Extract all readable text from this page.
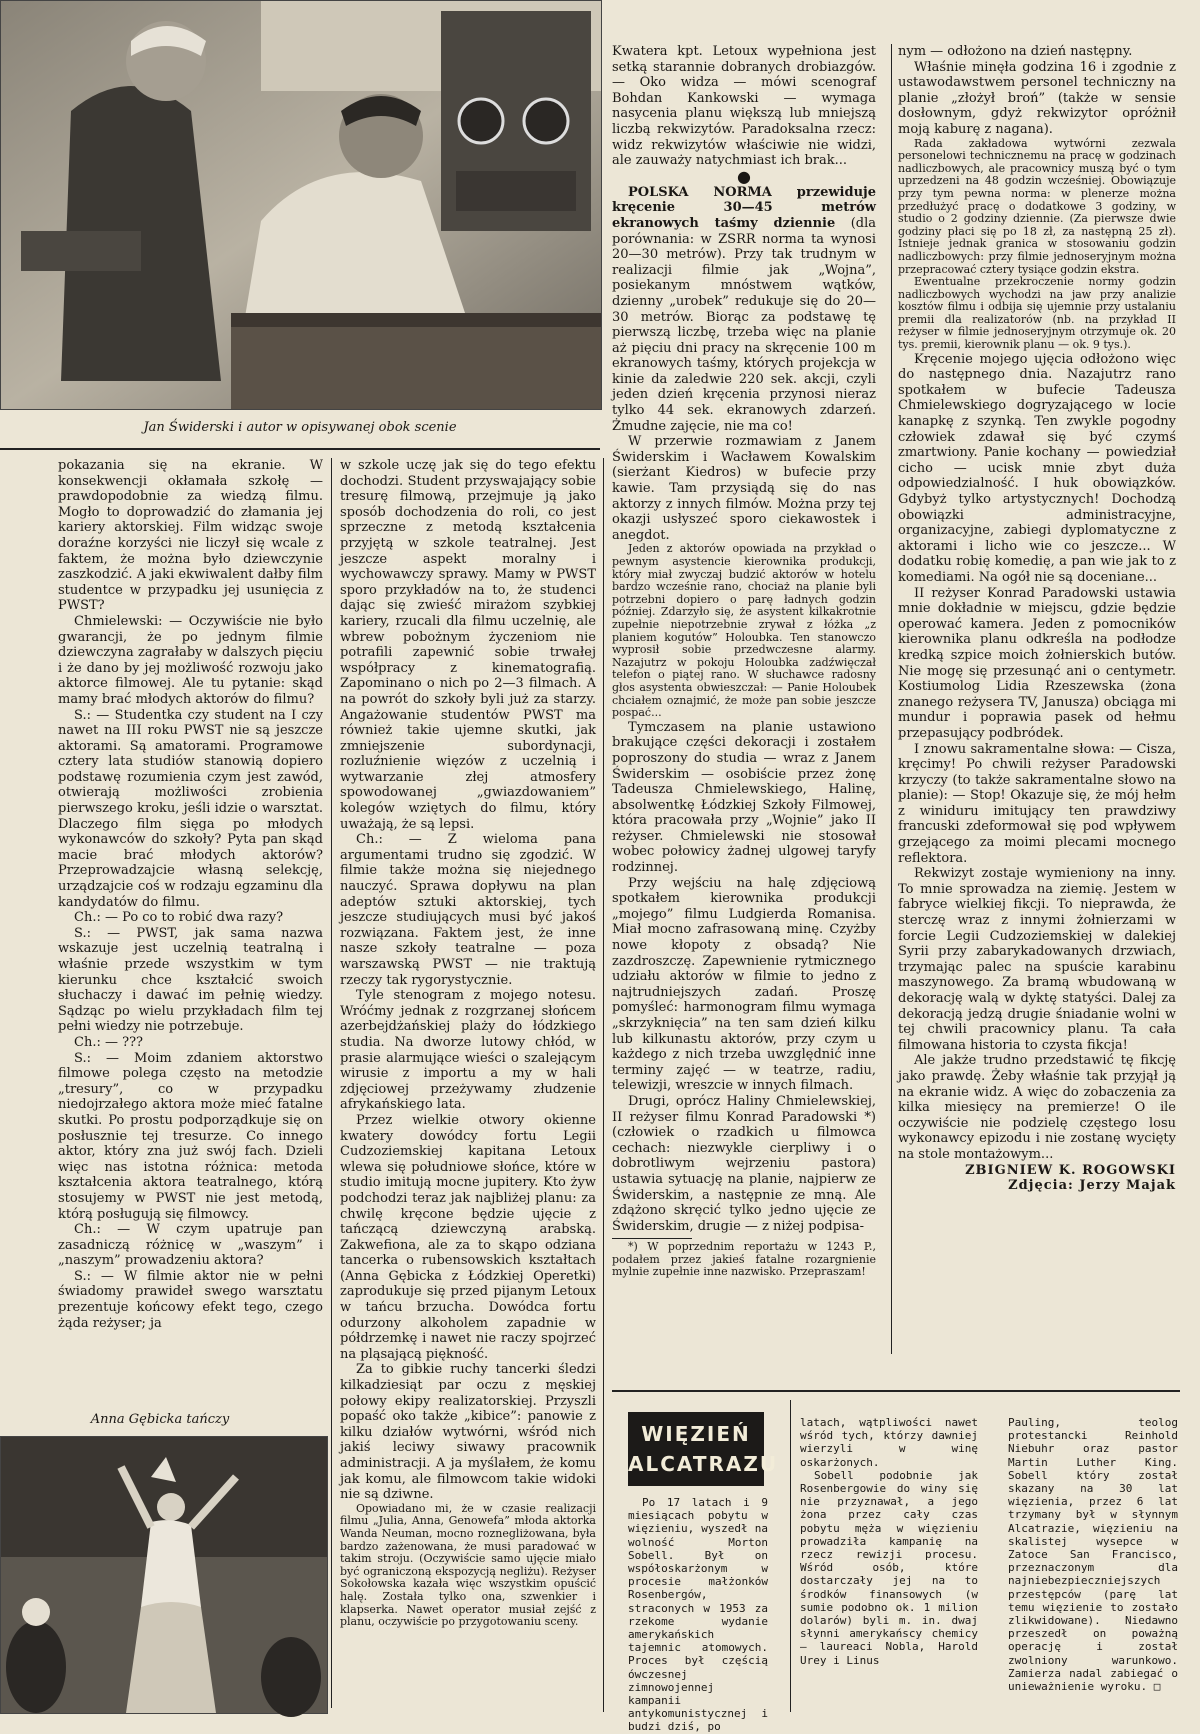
Jan Świderski i autor w opisywanej obok scenie

pokazania się na ekranie. W konsekwencji okłamała szkołę — prawdopodobnie za wiedzą filmu. Mogło to doprowadzić do złamania jej kariery aktorskiej. Film widząc swoje doraźne korzyści nie liczył się wcale z faktem, że można było dziewczynie zaszkodzić. A jaki ekwiwalent dałby film studentce w przypadku jej usunięcia z PWST?

Chmielewski: — Oczywiście nie było gwarancji, że po jednym filmie dziewczyna zagrałaby w dalszych pięciu i że dano by jej możliwość rozwoju jako aktorce filmowej. Ale tu pytanie: skąd mamy brać młodych aktorów do filmu?

S.: — Studentka czy student na I czy nawet na III roku PWST nie są jeszcze aktorami. Są amatorami. Programowe cztery lata studiów stanowią dopiero podstawę rozumienia czym jest zawód, otwierają możliwości zrobienia pierwszego kroku, jeśli idzie o warsztat. Dlaczego film sięga po młodych wykonawców do szkoły? Pyta pan skąd macie brać młodych aktorów? Przeprowadzajcie własną selekcję, urządzajcie coś w rodzaju egzaminu dla kandydatów do filmu.

Ch.: — Po co to robić dwa razy?

S.: — PWST, jak sama nazwa wskazuje jest uczelnią teatralną i właśnie przede wszystkim w tym kierunku chce kształcić swoich słuchaczy i dawać im pełnię wiedzy. Sądząc po wielu przykładach film tej pełni wiedzy nie potrzebuje.

Ch.: — ???

S.: — Moim zdaniem aktorstwo filmowe polega często na metodzie „tresury”, co w przypadku niedojrzałego aktora może mieć fatalne skutki. Po prostu podporządkuje się on posłusznie tej tresurze. Co innego aktor, który zna już swój fach. Dzieli więc nas istotna różnica: metoda kształcenia aktora teatralnego, którą stosujemy w PWST nie jest metodą, którą posługują się filmowcy.

Ch.: — W czym upatruje pan zasadniczą różnicę w „waszym” i „naszym” prowadzeniu aktora?

S.: — W filmie aktor nie w pełni świadomy prawideł swego warsztatu prezentuje końcowy efekt tego, czego żąda reżyser; ja

Anna Gębicka tańczy

w szkole uczę jak się do tego efektu dochodzi. Student przyswajający sobie tresurę filmową, przejmuje ją jako sposób dochodzenia do roli, co jest sprzeczne z metodą kształcenia przyjętą w szkole teatralnej. Jest jeszcze aspekt moralny i wychowawczy sprawy. Mamy w PWST sporo przykładów na to, że studenci dając się zwieść mirażom szybkiej kariery, rzucali dla filmu uczelnię, ale wbrew pobożnym życzeniom nie potrafili zapewnić sobie trwałej współpracy z kinematografią. Zapominano o nich po 2—3 filmach. A na powrót do szkoły byli już za starzy. Angażowanie studentów PWST ma również takie ujemne skutki, jak zmniejszenie subordynacji, rozluźnienie więzów z uczelnią i wytwarzanie złej atmosfery spowodowanej „gwiazdowaniem” kolegów wziętych do filmu, który uważają, że są lepsi.

Ch.: — Z wieloma pana argumentami trudno się zgodzić. W filmie także można się niejednego nauczyć. Sprawa dopływu na plan adeptów sztuki aktorskiej, tych jeszcze studiujących musi być jakoś rozwiązana. Faktem jest, że inne nasze szkoły teatralne — poza warszawską PWST — nie traktują rzeczy tak rygorystycznie.

Tyle stenogram z mojego notesu. Wróćmy jednak z rozgrzanej słońcem azerbejdżańskiej plaży do łódzkiego studia. Na dworze lutowy chłód, w prasie alarmujące wieści o szalejącym wirusie z importu a my w hali zdjęciowej przeżywamy złudzenie afrykańskiego lata.

Przez wielkie otwory okienne kwatery dowódcy fortu Legii Cudzoziemskiej kapitana Letoux wlewa się południowe słońce, które w studio imitują mocne jupitery. Kto żyw podchodzi teraz jak najbliżej planu: za chwilę kręcone będzie ujęcie z tańczącą dziewczyną arabską. Zakwefiona, ale za to skąpo odziana tancerka o rubensowskich kształtach (Anna Gębicka z Łódzkiej Operetki) zaprodukuje się przed pijanym Letoux w tańcu brzucha. Dowódca fortu odurzony alkoholem zapadnie w półdrzemkę i nawet nie raczy spojrzeć na pląsającą piękność.

Za to gibkie ruchy tancerki śledzi kilkadziesiąt par oczu z męskiej połowy ekipy realizatorskiej. Przyszli popaść oko także „kibice”: panowie z kilku działów wytwórni, wśród nich jakiś leciwy siwawy pracownik administracji. A ja myślałem, że komu jak komu, ale filmowcom takie widoki nie są dziwne.

Opowiadano mi, że w czasie realizacji filmu „Julia, Anna, Genowefa” młoda aktorka Wanda Neuman, mocno roznegliżowana, była bardzo zażenowana, że musi paradować w takim stroju. (Oczywiście samo ujęcie miało być ograniczoną ekspozycją negliżu). Reżyser Sokołowska kazała więc wszystkim opuścić halę. Została tylko ona, szwenkier i klapserka. Nawet operator musiał zejść z planu, oczywiście po przygotowaniu sceny.

Kwatera kpt. Letoux wypełniona jest setką starannie dobranych drobiazgów. — Oko widza — mówi scenograf Bohdan Kankowski — wymaga nasycenia planu większą lub mniejszą liczbą rekwizytów. Paradoksalna rzecz: widz rekwizytów właściwie nie widzi, ale zauważy natychmiast ich brak...

●

POLSKA NORMA przewiduje kręcenie 30—45 metrów ekranowych taśmy dziennie (dla porównania: w ZSRR norma ta wynosi 20—30 metrów). Przy tak trudnym w realizacji filmie jak „Wojna”, posiekanym mnóstwem wątków, dzienny „urobek” redukuje się do 20—30 metrów. Biorąc za podstawę tę pierwszą liczbę, trzeba więc na planie aż pięciu dni pracy na skręcenie 100 m ekranowych taśmy, których projekcja w kinie da zaledwie 220 sek. akcji, czyli jeden dzień kręcenia przynosi nieraz tylko 44 sek. ekranowych zdarzeń. Żmudne zajęcie, nie ma co!

W przerwie rozmawiam z Janem Świderskim i Wacławem Kowalskim (sierżant Kiedros) w bufecie przy kawie. Tam przysiądą się do nas aktorzy z innych filmów. Można przy tej okazji usłyszeć sporo ciekawostek i anegdot.

Jeden z aktorów opowiada na przykład o pewnym asystencie kierownika produkcji, który miał zwyczaj budzić aktorów w hotelu bardzo wcześnie rano, chociaż na planie byli potrzebni dopiero o parę ładnych godzin później. Zdarzyło się, że asystent kilkakrotnie zupełnie niepotrzebnie zrywał z łóżka „z planiem kogutów” Holoubka. Ten stanowczo wyprosił sobie przedwczesne alarmy. Nazajutrz w pokoju Holoubka zadźwięczał telefon o piątej rano. W słuchawce radosny głos asystenta obwieszczał: — Panie Holoubek chciałem oznajmić, że może pan sobie jeszcze pospać...

Tymczasem na planie ustawiono brakujące części dekoracji i zostałem poproszony do studia — wraz z Janem Świderskim — osobiście przez żonę Tadeusza Chmielewskiego, Halinę, absolwentkę Łódzkiej Szkoły Filmowej, która pracowała przy „Wojnie” jako II reżyser. Chmielewski nie stosował wobec połowicy żadnej ulgowej taryfy rodzinnej.

Przy wejściu na halę zdjęciową spotkałem kierownika produkcji „mojego” filmu Ludgierda Romanisa. Miał mocno zafrasowaną minę. Czyżby nowe kłopoty z obsadą? Nie zazdroszczę. Zapewnienie rytmicznego udziału aktorów w filmie to jedno z najtrudniejszych zadań. Proszę pomyśleć: harmonogram filmu wymaga „skrzyknięcia” na ten sam dzień kilku lub kilkunastu aktorów, przy czym u każdego z nich trzeba uwzględnić inne terminy zajęć — w teatrze, radiu, telewizji, wreszcie w innych filmach.

Drugi, oprócz Haliny Chmielewskiej, II reżyser filmu Konrad Paradowski *) (człowiek o rzadkich u filmowca cechach: niezwykle cierpliwy i o dobrotliwym wejrzeniu pastora) ustawia sytuację na planie, najpierw ze Świderskim, a następnie ze mną. Ale zdążono skręcić tylko jedno ujęcie ze Świderskim, drugie — z niżej podpisa-

*) W poprzednim reportażu w 1243 P., podałem przez jakieś fatalne rozargnienie mylnie zupełnie inne nazwisko. Przepraszam!

nym — odłożono na dzień następny.

Właśnie minęła godzina 16 i zgodnie z ustawodawstwem personel techniczny na planie „złożył broń” (także w sensie dosłownym, gdyż rekwizytor opróżnił moją kaburę z nagana).

Rada zakładowa wytwórni zezwala personelowi technicznemu na pracę w godzinach nadliczbowych, ale pracownicy muszą być o tym uprzedzeni na 48 godzin wcześniej. Obowiązuje przy tym pewna norma: w plenerze można przedłużyć pracę o dodatkowe 3 godziny, w studio o 2 godziny dziennie. (Za pierwsze dwie godziny płaci się po 18 zł, za następną 25 zł). Istnieje jednak granica w stosowaniu godzin nadliczbowych: przy filmie jednoseryjnym można przepracować cztery tysiące godzin ekstra.

Ewentualne przekroczenie normy godzin nadliczbowych wychodzi na jaw przy analizie kosztów filmu i odbija się ujemnie przy ustalaniu premii dla realizatorów (nb. na przykład II reżyser w filmie jednoseryjnym otrzymuje ok. 20 tys. premii, kierownik planu — ok. 9 tys.).

Kręcenie mojego ujęcia odłożono więc do następnego dnia. Nazajutrz rano spotkałem w bufecie Tadeusza Chmielewskiego dogryzającego w locie kanapkę z szynką. Ten zwykle pogodny człowiek zdawał się być czymś zmartwiony. Panie kochany — powiedział cicho — ucisk mnie zbyt duża odpowiedzialność. I huk obowiązków. Gdybyż tylko artystycznych! Dochodzą obowiązki administracyjne, organizacyjne, zabiegi dyplomatyczne z aktorami i licho wie co jeszcze... W dodatku robię komedię, a pan wie jak to z komediami. Na ogół nie są doceniane...

II reżyser Konrad Paradowski ustawia mnie dokładnie w miejscu, gdzie będzie operować kamera. Jeden z pomocników kierownika planu odkreśla na podłodze kredką szpice moich żołnierskich butów. Nie mogę się przesunąć ani o centymetr. Kostiumolog Lidia Rzeszewska (żona znanego reżysera TV, Janusza) obciąga mi mundur i poprawia pasek od hełmu przepasujący podbródek.

I znowu sakramentalne słowa: — Cisza, kręcimy! Po chwili reżyser Paradowski krzyczy (to także sakramentalne słowo na planie): — Stop! Okazuje się, że mój hełm z winiduru imitujący ten prawdziwy francuski zdeformował się pod wpływem grzejącego za moimi plecami mocnego reflektora.

Rekwizyt zostaje wymieniony na inny. To mnie sprowadza na ziemię. Jestem w fabryce wielkiej fikcji. To nieprawda, że sterczę wraz z innymi żołnierzami w forcie Legii Cudzoziemskiej w dalekiej Syrii przy zabarykadowanych drzwiach, trzymając palec na spuście karabinu maszynowego. Za bramą wbudowaną w dekorację walą w dyktę statyści. Dalej za dekoracją jedzą drugie śniadanie wolni w tej chwili pracownicy planu. Ta cała filmowana historia to czysta fikcja!

Ale jakże trudno przedstawić tę fikcję jako prawdę. Żeby właśnie tak przyjął ją na ekranie widz. A więc do zobaczenia za kilka miesięcy na premierze! O ile oczywiście nie podzielę częstego losu wykonawcy epizodu i nie zostanę wycięty na stole montażowym...

ZBIGNIEW K. ROGOWSKI

Zdjęcia: Jerzy Majak

WIĘZIEŃ
ALCATRAZU

Po 17 latach i 9 miesiącach pobytu w więzieniu, wyszedł na wolność Morton Sobell. Był on współoskarżonym w procesie małżonków Rosenbergów, straconych w 1953 za rzekome wydanie amerykańskich tajemnic atomowych. Proces był częścią ówczesnej zimnowojennej kampanii antykomunistycznej i budzi dziś, po

latach, wątpliwości nawet wśród tych, którzy dawniej wierzyli w winę oskarżonych.

Sobell podobnie jak Rosenbergowie do winy się nie przyznawał, a jego żona przez cały czas pobytu męża w więzieniu prowadziła kampanię na rzecz rewizji procesu. Wśród osób, które dostarczały jej na to środków finansowych (w sumie podobno ok. 1 milion dolarów) byli m. in. dwaj słynni amerykańscy chemicy — laureaci Nobla, Harold Urey i Linus

Pauling, teolog protestancki Reinhold Niebuhr oraz pastor Martin Luther King. Sobell który został skazany na 30 lat więzienia, przez 6 lat trzymany był w słynnym Alcatrazie, więzieniu na skalistej wysepce w Zatoce San Francisco, przeznaczonym dla najniebezpieczniejszych przestępców (parę lat temu więzienie to zostało zlikwidowane). Niedawno przeszedł on poważną operację i został zwolniony warunkowo. Zamierza nadal zabiegać o unieważnienie wyroku. □
